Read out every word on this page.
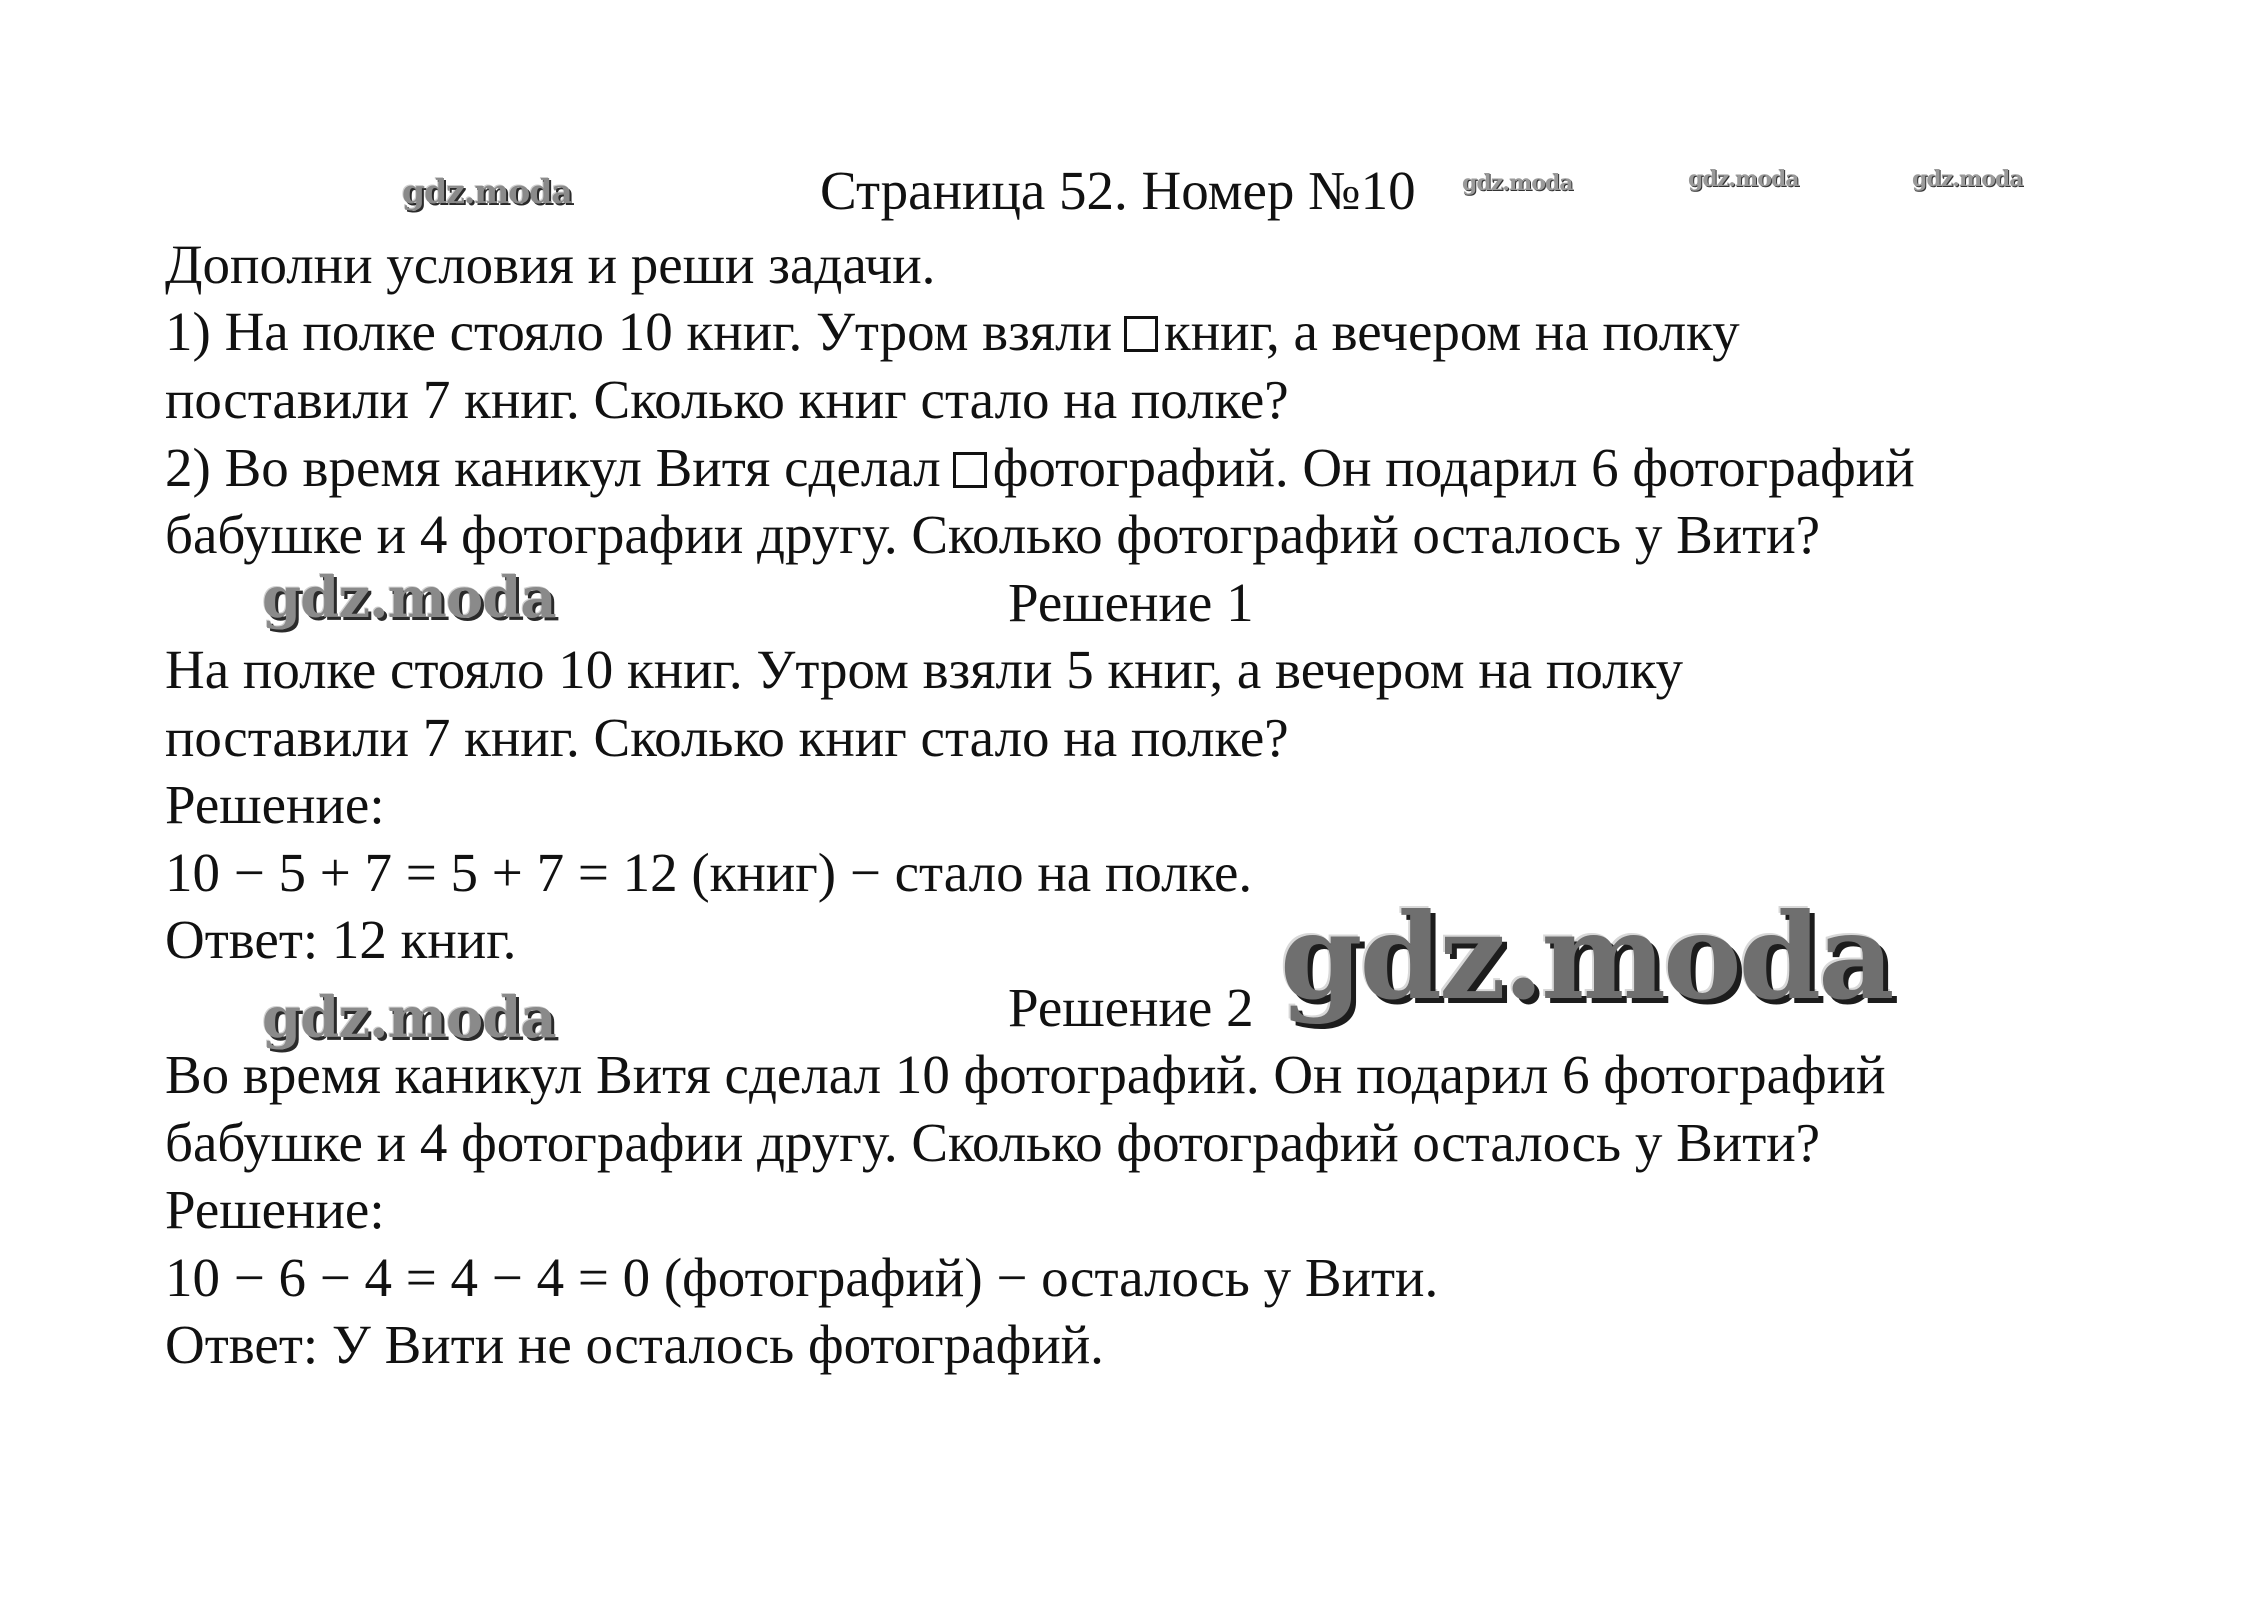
gdz.moda	gdz.moda	gdz.moda	gdz.moda
gdz.moda
gdz.moda
Страница 52. Номер №10
Дополни условия и реши задачи.
1) На полке стояло 10 книг. Утром взяли книг, а вечером на полку
поставили 7 книг. Сколько книг стало на полке?
2) Во время каникул Витя сделал фотографий. Он подарил 6 фотографий
бабушке и 4 фотографии другу. Сколько фотографий осталось у Вити?
Решение 1
На полке стояло 10 книг. Утром взяли 5 книг, а вечером на полку
поставили 7 книг. Сколько книг стало на полке?
Решение:
10 − 5 + 7 = 5 + 7 = 12 (книг) − стало на полке.
Ответ: 12 книг.
Решение 2
Во время каникул Витя сделал 10 фотографий. Он подарил 6 фотографий
бабушке и 4 фотографии другу. Сколько фотографий осталось у Вити?
Решение:
10 − 6 − 4 = 4 − 4 = 0 (фотографий) − осталось у Вити.
Ответ: У Вити не осталось фотографий.
gdz.moda
